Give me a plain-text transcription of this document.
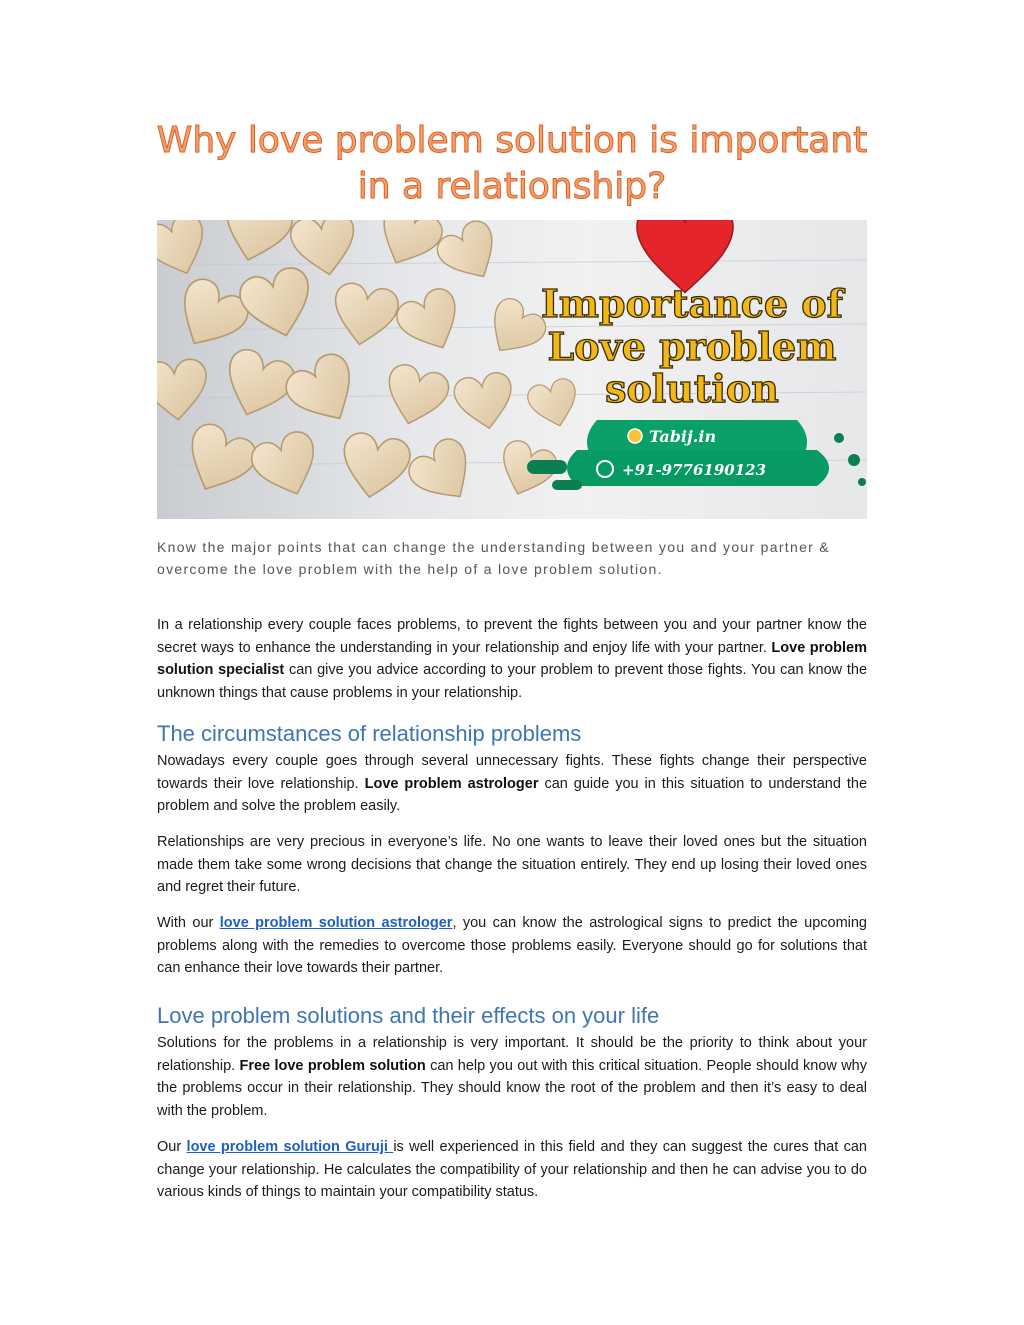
Why love problem solution is important
in a relationship?
Importance of
Love problem
solution
Tabij.in
+91-9776190123

Know the major points that can change the understanding between you and your partner & overcome the love problem with the help of a love problem solution.

In a relationship every couple faces problems, to prevent the fights between you and your partner know the secret ways to enhance the understanding in your relationship and enjoy life with your partner. Love problem solution specialist can give you advice according to your problem to prevent those fights. You can know the unknown things that cause problems in your relationship.

The circumstances of relationship problems

Nowadays every couple goes through several unnecessary fights. These fights change their perspective towards their love relationship. Love problem astrologer can guide you in this situation to understand the problem and solve the problem easily.

Relationships are very precious in everyone’s life. No one wants to leave their loved ones but the situation made them take some wrong decisions that change the situation entirely. They end up losing their loved ones and regret their future.

With our love problem solution astrologer, you can know the astrological signs to predict the upcoming problems along with the remedies to overcome those problems easily. Everyone should go for solutions that can enhance their love towards their partner.

Love problem solutions and their effects on your life

Solutions for the problems in a relationship is very important. It should be the priority to think about your relationship. Free love problem solution can help you out with this critical situation. People should know why the problems occur in their relationship. They should know the root of the problem and then it’s easy to deal with the problem.

Our love problem solution Guruji is well experienced in this field and they can suggest the cures that can change your relationship. He calculates the compatibility of your relationship and then he can advise you to do various kinds of things to maintain your compatibility status.
